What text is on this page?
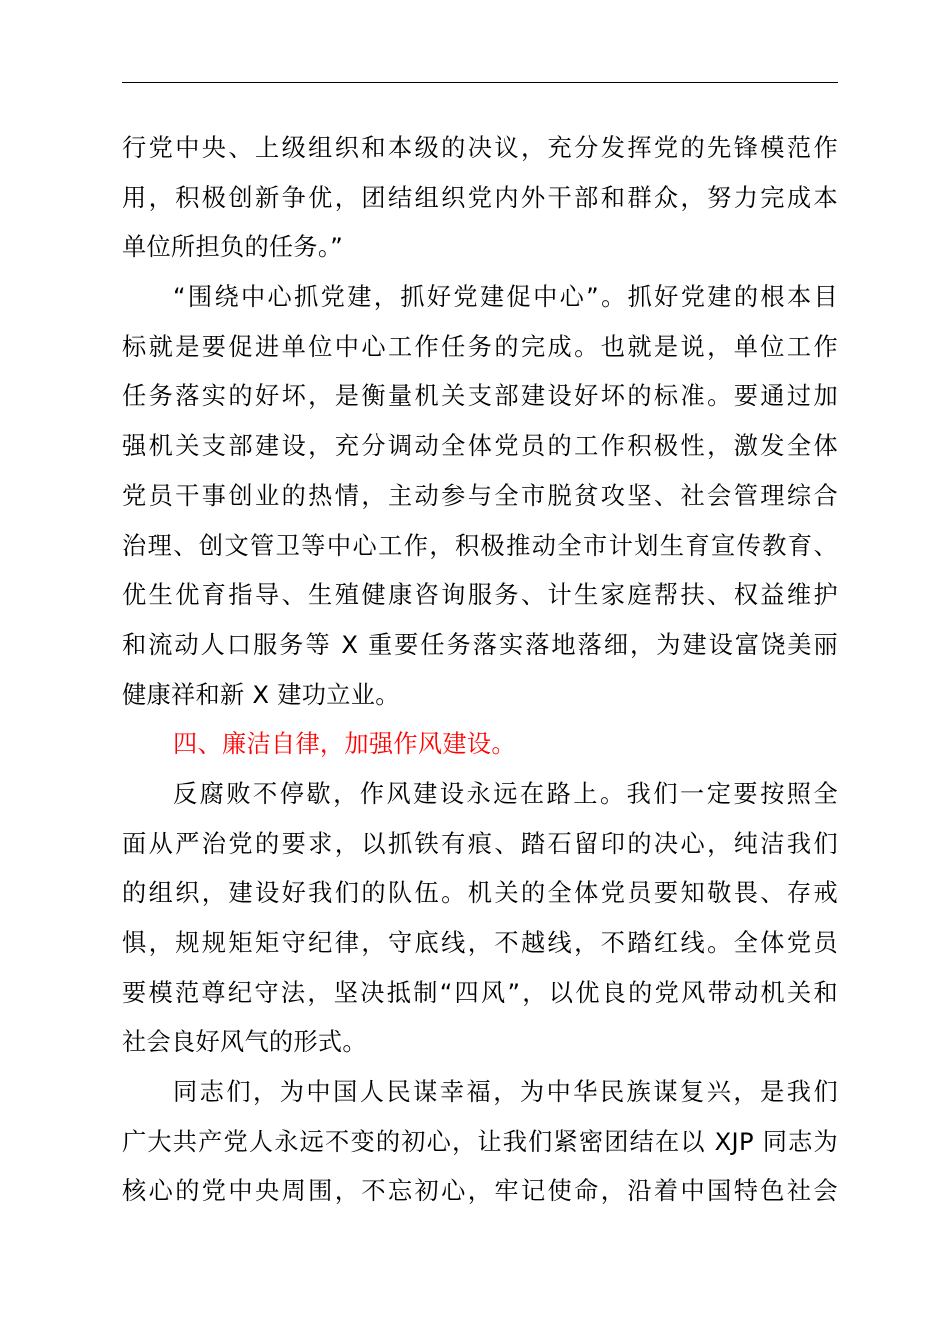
行党中央、上级组织和本级的决议，充分发挥党的先锋模范作
用，积极创新争优，团结组织党内外干部和群众，努力完成本
单位所担负的任务。”
“围绕中心抓党建，抓好党建促中心”。抓好党建的根本目
标就是要促进单位中心工作任务的完成。也就是说，单位工作
任务落实的好坏，是衡量机关支部建设好坏的标准。要通过加
强机关支部建设，充分调动全体党员的工作积极性，激发全体
党员干事创业的热情，主动参与全市脱贫攻坚、社会管理综合
治理、创文管卫等中心工作，积极推动全市计划生育宣传教育、
优生优育指导、生殖健康咨询服务、计生家庭帮扶、权益维护
和流动人口服务等 X 重要任务落实落地落细，为建设富饶美丽
健康祥和新 X 建功立业。
四、廉洁自律，加强作风建设。
反腐败不停歇，作风建设永远在路上。我们一定要按照全
面从严治党的要求，以抓铁有痕、踏石留印的决心，纯洁我们
的组织，建设好我们的队伍。机关的全体党员要知敬畏、存戒
惧，规规矩矩守纪律，守底线，不越线，不踏红线。全体党员
要模范尊纪守法，坚决抵制“四风”，以优良的党风带动机关和
社会良好风气的形式。
同志们，为中国人民谋幸福，为中华民族谋复兴，是我们
广大共产党人永远不变的初心，让我们紧密团结在以 XJP 同志为
核心的党中央周围，不忘初心，牢记使命，沿着中国特色社会
